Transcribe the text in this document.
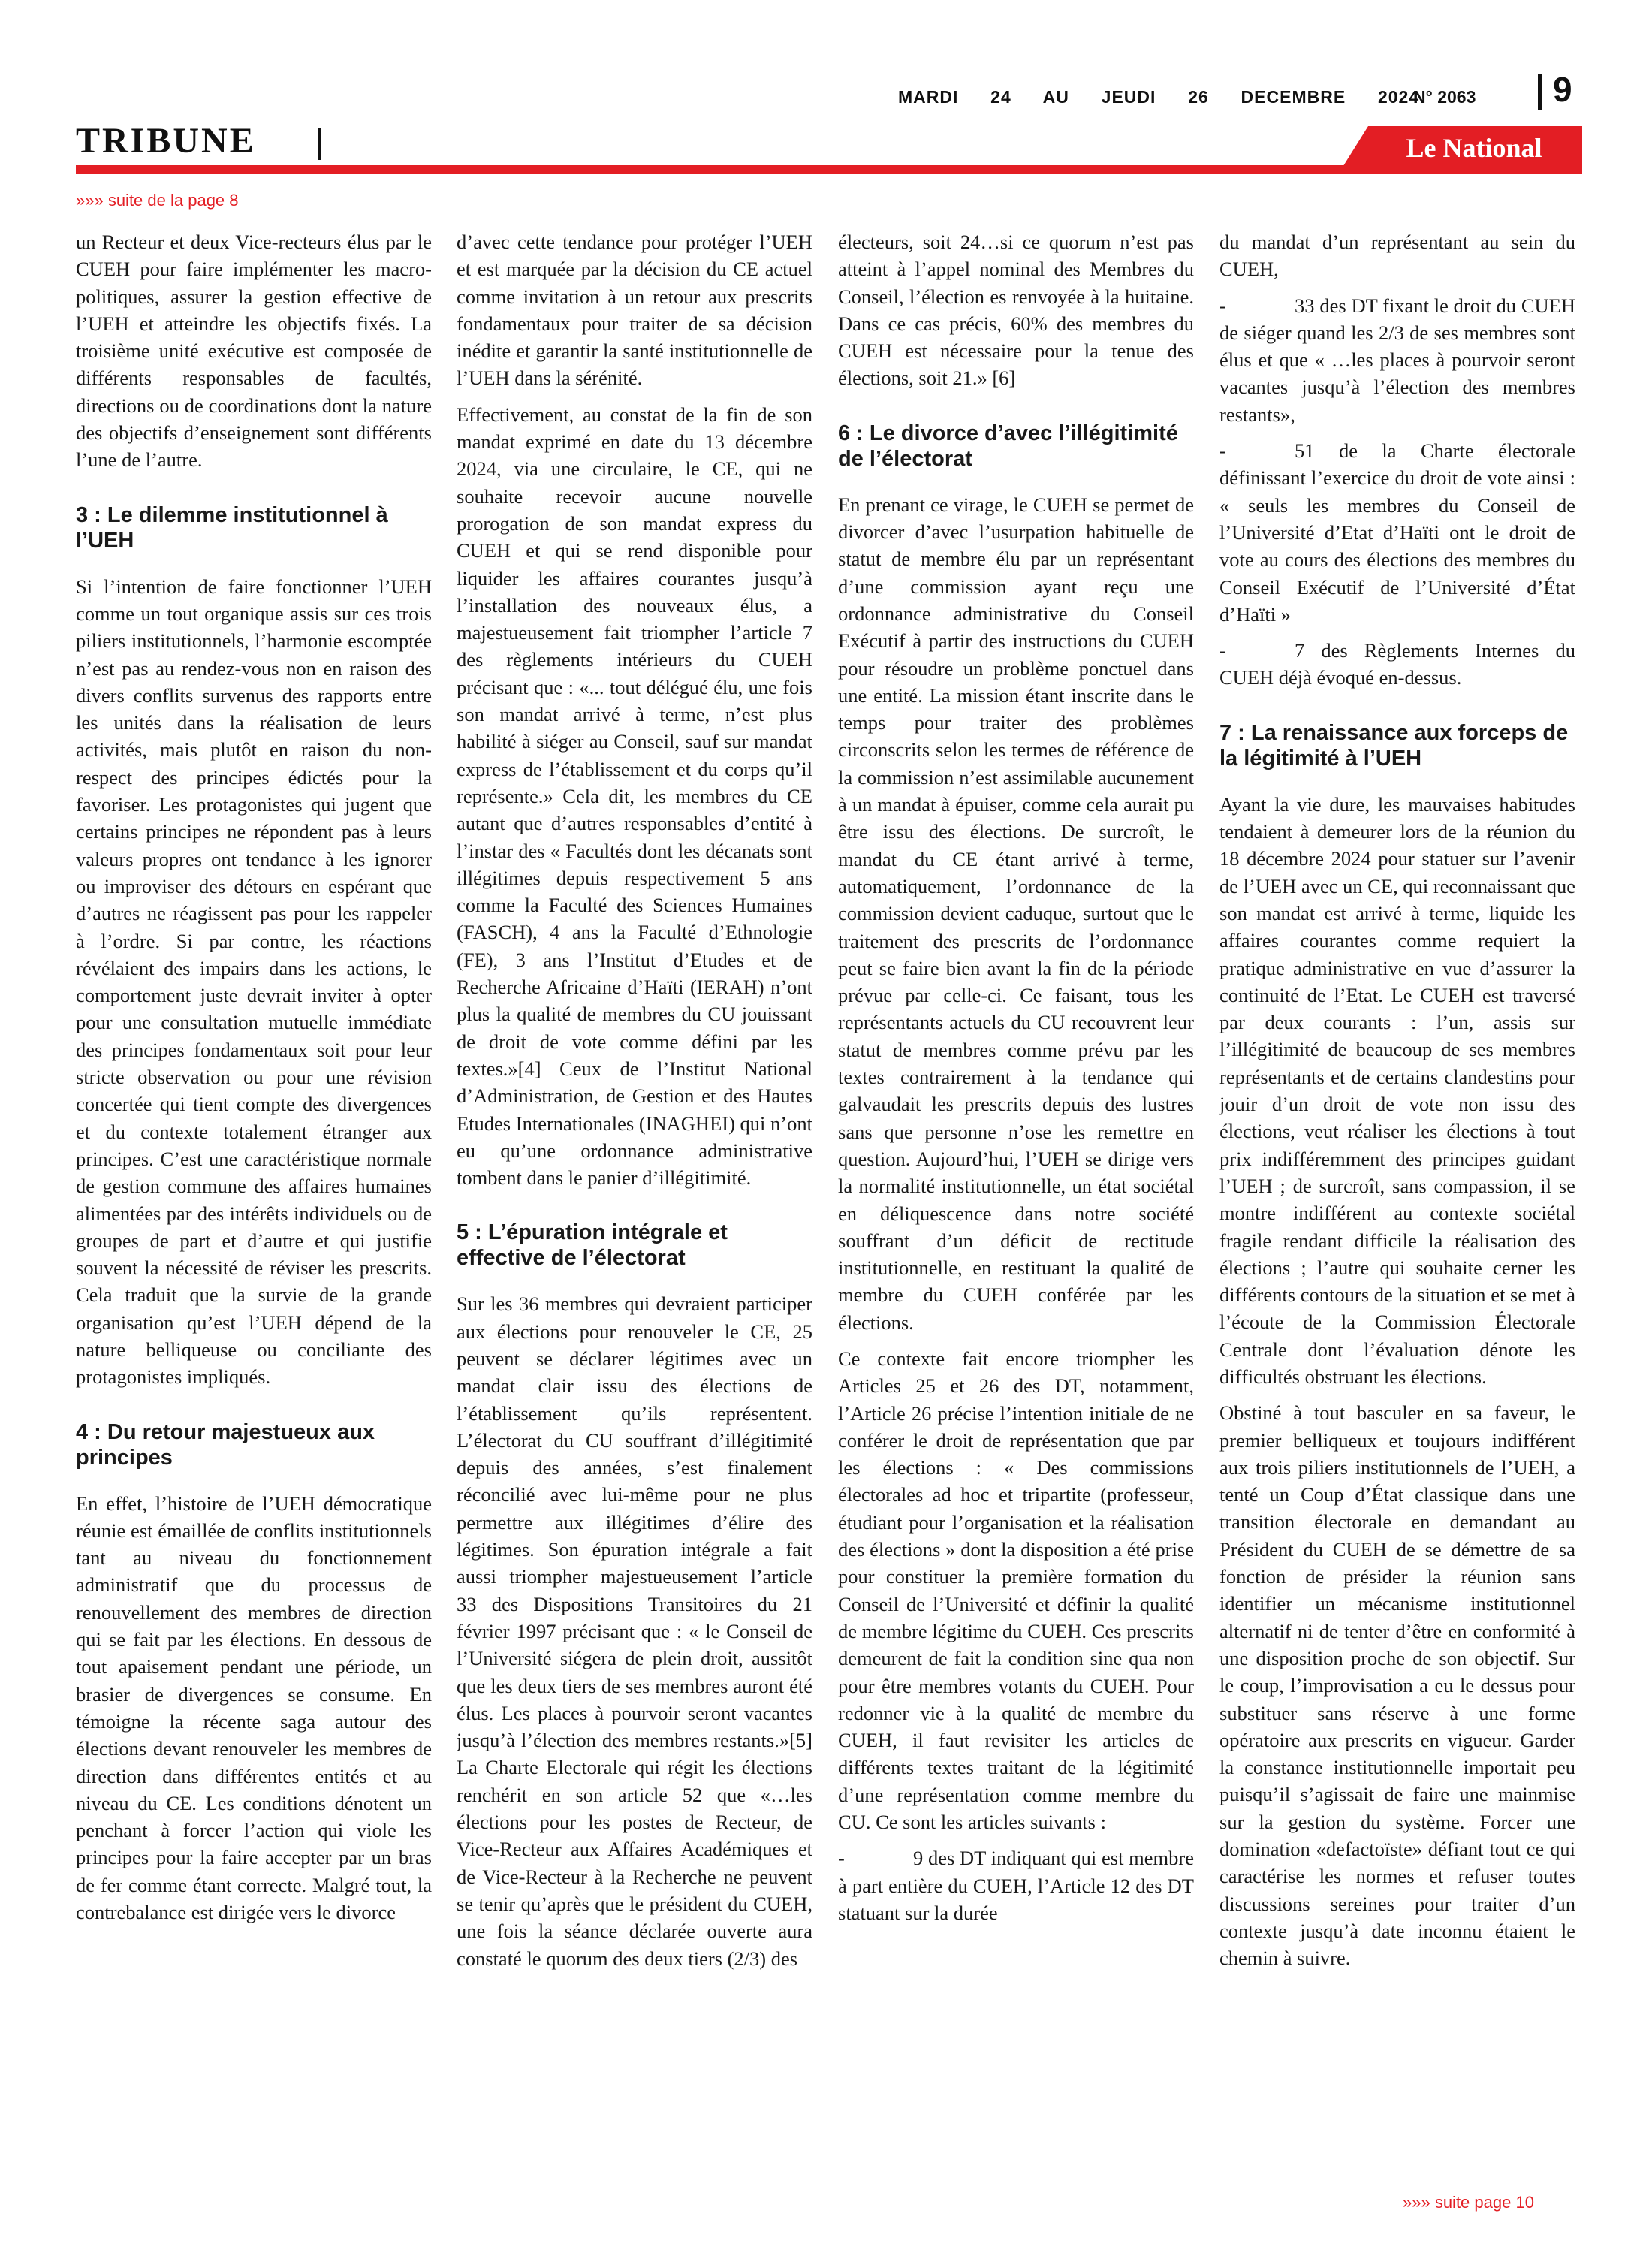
MARDI  24  AU  JEUDI  26  DECEMBRE  2024
N° 2063 9
TRIBUNE	Le National
»»» suite de la page 8

un Recteur et deux Vice-recteurs élus par le CUEH pour faire implémenter les macro-politiques, assurer la gestion effective de l’UEH et atteindre les objectifs fixés. La troisième unité exécutive est composée de différents responsables de facultés, directions ou de coordinations dont la nature des objectifs d’enseignement sont différents l’une de l’autre.

3 : Le dilemme institutionnel à l’UEH

Si l’intention de faire fonctionner l’UEH comme un tout organique assis sur ces trois piliers institutionnels, l’harmonie escomptée n’est pas au rendez-vous non en raison des divers conflits survenus des rapports entre les unités dans la réalisation de leurs activités, mais plutôt en raison du non-respect des principes édictés pour la favoriser. Les protagonistes qui jugent que certains principes ne répondent pas à leurs valeurs propres ont tendance à les ignorer ou improviser des détours en espérant que d’autres ne réagissent pas pour les rappeler à l’ordre. Si par contre, les réactions révélaient des impairs dans les actions, le comportement juste devrait inviter à opter pour une consultation mutuelle immédiate des principes fondamentaux soit pour leur stricte observation ou pour une révision concertée qui tient compte des divergences et du contexte totalement étranger aux principes. C’est une caractéristique normale de gestion commune des affaires humaines alimentées par des intérêts individuels ou de groupes de part et d’autre et qui justifie souvent la nécessité de réviser les prescrits. Cela traduit que la survie de la grande organisation qu’est l’UEH dépend de la nature belliqueuse ou conciliante des protagonistes impliqués.

4 : Du retour majestueux aux principes

En effet, l’histoire de l’UEH démocratique réunie est émaillée de conflits institutionnels tant au niveau du fonctionnement administratif que du processus de renouvellement des membres de direction qui se fait par les élections. En dessous de tout apaisement pendant une période, un brasier de divergences se consume. En témoigne la récente saga autour des élections devant renouveler les membres de direction dans différentes entités et au niveau du CE. Les conditions dénotent un penchant à forcer l’action qui viole les principes pour la faire accepter par un bras de fer comme étant correcte. Malgré tout, la contrebalance est dirigée vers le divorce

d’avec cette tendance pour protéger l’UEH et est marquée par la décision du CE actuel comme invitation à un retour aux prescrits fondamentaux pour traiter de sa décision inédite et garantir la santé institutionnelle de l’UEH dans la sérénité.

Effectivement, au constat de la fin de son mandat exprimé en date du 13 décembre 2024, via une circulaire, le CE, qui ne souhaite recevoir aucune nouvelle prorogation de son mandat express du CUEH et qui se rend disponible pour liquider les affaires courantes jusqu’à l’installation des nouveaux élus, a majestueusement fait triompher l’article 7 des règlements intérieurs du CUEH précisant que : «... tout délégué élu, une fois son mandat arrivé à terme, n’est plus habilité à siéger au Conseil, sauf sur mandat express de l’établissement et du corps qu’il représente.» Cela dit, les membres du CE autant que d’autres responsables d’entité à l’instar des « Facultés dont les décanats sont illégitimes depuis respectivement 5 ans comme la Faculté des Sciences Humaines (FASCH), 4 ans la Faculté d’Ethnologie (FE), 3 ans l’Institut d’Etudes et de Recherche Africaine d’Haïti (IERAH) n’ont plus la qualité de membres du CU jouissant de droit de vote comme défini par les textes.»[4] Ceux de l’Institut National d’Administration, de Gestion et des Hautes Etudes Internationales (INAGHEI) qui n’ont eu qu’une ordonnance administrative tombent dans le panier d’illégitimité.

5 : L’épuration intégrale et effective de l’électorat

Sur les 36 membres qui devraient participer aux élections pour renouveler le CE, 25 peuvent se déclarer légitimes avec un mandat clair issu des élections de l’établissement qu’ils représentent. L’électorat du CU souffrant d’illégitimité depuis des années, s’est finalement réconcilié avec lui-même pour ne plus permettre aux illégitimes d’élire des légitimes. Son épuration intégrale a fait aussi triompher majestueusement l’article 33 des Dispositions Transitoires du 21 février 1997 précisant que : « le Conseil de l’Université siégera de plein droit, aussitôt que les deux tiers de ses membres auront été élus. Les places à pourvoir seront vacantes jusqu’à l’élection des membres restants.»[5] La Charte Electorale qui régit les élections renchérit en son article 52 que «…les élections pour les postes de Recteur, de Vice-Recteur aux Affaires Académiques et de Vice-Recteur à la Recherche ne peuvent se tenir qu’après que le président du CUEH, une fois la séance déclarée ouverte aura constaté le quorum des deux tiers (2/3) des

électeurs, soit 24…si ce quorum n’est pas atteint à l’appel nominal des Membres du Conseil, l’élection es renvoyée à la huitaine. Dans ce cas précis, 60% des membres du CUEH est nécessaire pour la tenue des élections, soit 21.» [6]

6 : Le divorce d’avec l’illégitimité de l’électorat

En prenant ce virage, le CUEH se permet de divorcer d’avec l’usurpation habituelle de statut de membre élu par un représentant d’une commission ayant reçu une ordonnance administrative du Conseil Exécutif à partir des instructions du CUEH pour résoudre un problème ponctuel dans une entité. La mission étant inscrite dans le temps pour traiter des problèmes circonscrits selon les termes de référence de la commission n’est assimilable aucunement à un mandat à épuiser, comme cela aurait pu être issu des élections. De surcroît, le mandat du CE étant arrivé à terme, automatiquement, l’ordonnance de la commission devient caduque, surtout que le traitement des prescrits de l’ordonnance peut se faire bien avant la fin de la période prévue par celle-ci. Ce faisant, tous les représentants actuels du CU recouvrent leur statut de membres comme prévu par les textes contrairement à la tendance qui galvaudait les prescrits depuis des lustres sans que personne n’ose les remettre en question. Aujourd’hui, l’UEH se dirige vers la normalité institutionnelle, un état sociétal en déliquescence dans notre société souffrant d’un déficit de rectitude institutionnelle, en restituant la qualité de membre du CUEH conférée par les élections.

Ce contexte fait encore triompher les Articles 25 et 26 des DT, notamment, l’Article 26 précise l’intention initiale de ne conférer le droit de représentation que par les élections : « Des commissions électorales ad hoc et tripartite (professeur, étudiant pour l’organisation et la réalisation des élections » dont la disposition a été prise pour constituer la première formation du Conseil de l’Université et définir la qualité de membre légitime du CUEH. Ces prescrits demeurent de fait la condition sine qua non pour être membres votants du CUEH. Pour redonner vie à la qualité de membre du CUEH, il faut revisiter les articles de différents textes traitant de la légitimité d’une représentation comme membre du CU. Ce sont les articles suivants :

-	9 des DT indiquant qui est membre à part entière du CUEH, l’Article 12 des DT statuant sur la durée

du mandat d’un représentant au sein du CUEH,

-	33 des DT fixant le droit du CUEH de siéger quand les 2/3 de ses membres sont élus et que « …les places à pourvoir seront vacantes jusqu’à l’élection des membres restants»,

-	51 de la Charte électorale définissant l’exercice du droit de vote ainsi : « seuls les membres du Conseil de l’Université d’Etat d’Haïti ont le droit de vote au cours des élections des membres du Conseil Exécutif de l’Université d’État d’Haïti »

-	7 des Règlements Internes du CUEH déjà évoqué en-dessus.

7 : La renaissance aux forceps de la légitimité à l’UEH

Ayant la vie dure, les mauvaises habitudes tendaient à demeurer lors de la réunion du 18 décembre 2024 pour statuer sur l’avenir de l’UEH avec un CE, qui reconnaissant que son mandat est arrivé à terme, liquide les affaires courantes comme requiert la pratique administrative en vue d’assurer la continuité de l’Etat. Le CUEH est traversé par deux courants : l’un, assis sur l’illégitimité de beaucoup de ses membres représentants et de certains clandestins pour jouir d’un droit de vote non issu des élections, veut réaliser les élections à tout prix indifféremment des principes guidant l’UEH ; de surcroît, sans compassion, il se montre indifférent au contexte sociétal fragile rendant difficile la réalisation des élections ; l’autre qui souhaite cerner les différents contours de la situation et se met à l’écoute de la Commission Électorale Centrale dont l’évaluation dénote les difficultés obstruant les élections.

Obstiné à tout basculer en sa faveur, le premier belliqueux et toujours indifférent aux trois piliers institutionnels de l’UEH, a tenté un Coup d’État classique dans une transition électorale en demandant au Président du CUEH de se démettre de sa fonction de présider la réunion sans identifier un mécanisme institutionnel alternatif ni de tenter d’être en conformité à une disposition proche de son objectif. Sur le coup, l’improvisation a eu le dessus pour substituer sans réserve à une forme opératoire aux prescrits en vigueur. Garder la constance institutionnelle importait peu puisqu’il s’agissait de faire une mainmise sur la gestion du système. Forcer une domination «defactoïste» défiant tout ce qui caractérise les normes et refuser toutes discussions sereines pour traiter d’un contexte jusqu’à date inconnu étaient le chemin à suivre.

»»» suite page 10
